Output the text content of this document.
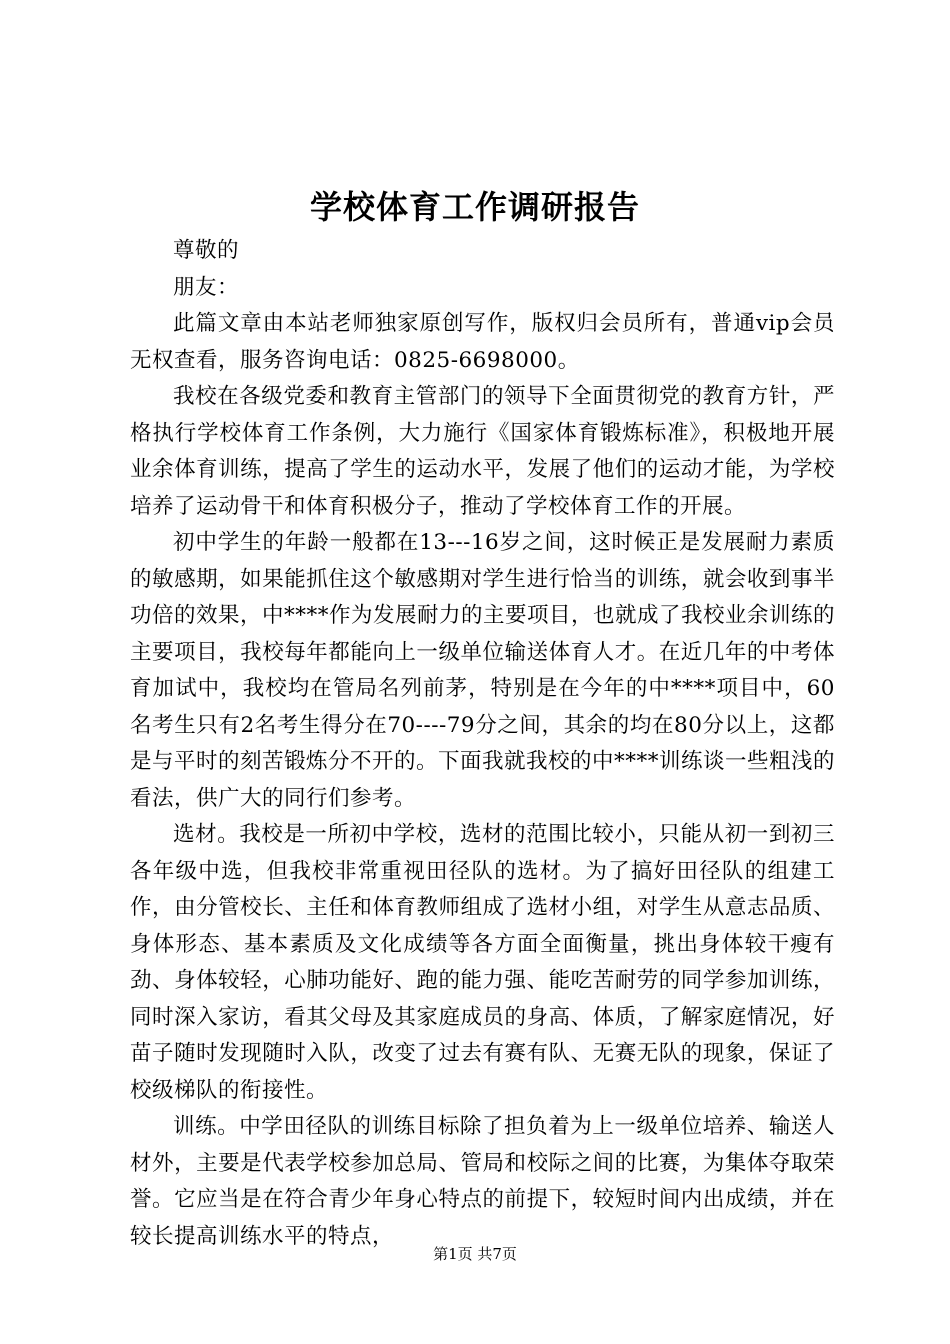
学校体育工作调研报告

尊敬的

朋友：

此篇文章由本站老师独家原创写作，版权归会员所有，普通vip会员无权查看，服务咨询电话：0825-6698000。

我校在各级党委和教育主管部门的领导下全面贯彻党的教育方针，严格执行学校体育工作条例，大力施行《国家体育锻炼标准》，积极地开展业余体育训练，提高了学生的运动水平，发展了他们的运动才能，为学校培养了运动骨干和体育积极分子，推动了学校体育工作的开展。

初中学生的年龄一般都在13---16岁之间，这时候正是发展耐力素质的敏感期，如果能抓住这个敏感期对学生进行恰当的训练，就会收到事半功倍的效果，中****作为发展耐力的主要项目，也就成了我校业余训练的主要项目，我校每年都能向上一级单位输送体育人才。在近几年的中考体育加试中，我校均在管局名列前茅，特别是在今年的中****项目中，60名考生只有2名考生得分在70----79分之间，其余的均在80分以上，这都是与平时的刻苦锻炼分不开的。下面我就我校的中****训练谈一些粗浅的看法，供广大的同行们参考。

选材。我校是一所初中学校，选材的范围比较小，只能从初一到初三各年级中选，但我校非常重视田径队的选材。为了搞好田径队的组建工作，由分管校长、主任和体育教师组成了选材小组，对学生从意志品质、身体形态、基本素质及文化成绩等各方面全面衡量，挑出身体较干瘦有劲、身体较轻，心肺功能好、跑的能力强、能吃苦耐劳的同学参加训练，同时深入家访，看其父母及其家庭成员的身高、体质，了解家庭情况，好苗子随时发现随时入队，改变了过去有赛有队、无赛无队的现象，保证了校级梯队的衔接性。

训练。中学田径队的训练目标除了担负着为上一级单位培养、输送人材外，主要是代表学校参加总局、管局和校际之间的比赛，为集体夺取荣誉。它应当是在符合青少年身心特点的前提下，较短时间内出成绩，并在较长提高训练水平的特点，

第1页 共7页
